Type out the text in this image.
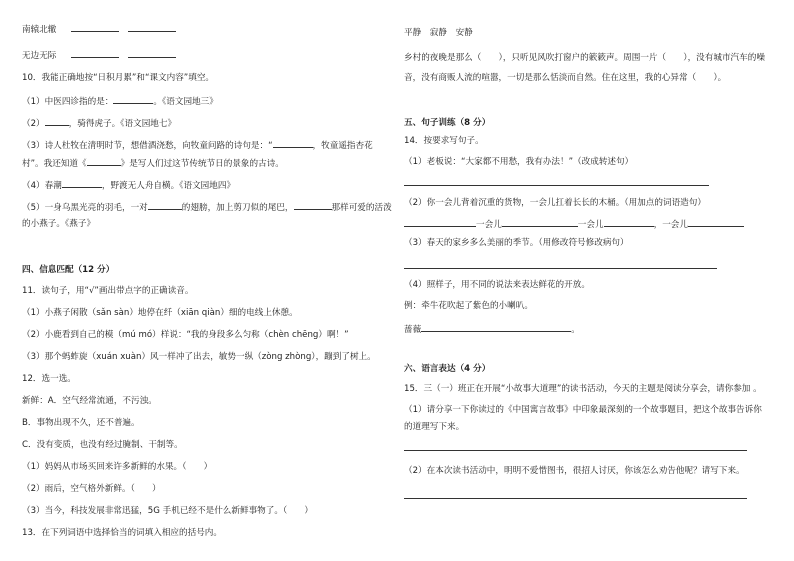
南辕北辙
无边无际
10．我能正确地按“日积月累”和“课文内容”填空。
（1）中医四诊指的是：	。《语文园地三》
（2）	，骑得虎子。《语文园地七》
（3）诗人杜牧在清明时节，想借酒浇愁，向牧童问路的诗句是：“	，牧童遥指杏花
村”。我还知道《	》是写人们过这节传统节日的景象的古诗。
（4）春潮	，野渡无人舟自横。《语文园地四》
（5）一身乌黑光亮的羽毛，一对	的翅膀，加上剪刀似的尾巴，	那样可爱的活泼
的小燕子。《燕子》
四、信息匹配（12 分）
11．读句子，用“√”画出带点字的正确读音。
（1）小燕子闲散（sǎn sàn）地停在纤（xiān qiàn）细的电线上休憩。
（2）小鹿看到自己的模（mú mó）样说：“我的身段多么匀称（chèn chēng）啊！”
（3）那个蚂蚱旋（xuán xuàn）风一样冲了出去，敏势一纵（zòng zhòng），蹦到了树上。
12．选一选。
新鲜：A．空气经常流通，不污浊。
B．事物出现不久，还不普遍。
C．没有变质，也没有经过腌制、干制等。
（1）妈妈从市场买回来许多新鲜的水果。（　　）
（2）雨后，空气格外新鲜。（　　）
（3）当今，科技发展非常迅猛，5G 手机已经不是什么新鲜事物了。（　　）
13．在下列词语中选择恰当的词填入相应的括号内。
平静　寂静　安静
乡村的夜晚是那么（　　），只听见风吹打窗户的簌簌声。周围一片（　　），没有城市汽车的噪
音，没有商贩人流的喧嚣，一切是那么恬淡而自然。住在这里，我的心异常（　　）。
五、句子训练（8 分）
14．按要求写句子。
（1）老板说：“大家都不用愁，我有办法！”（改成转述句）
（2）你一会儿背着沉重的货物，一会儿扛着长长的木桶。（用加点的词语造句）
一会儿	一会儿	，一会儿
（3）春天的家乡多么美丽的季节。（用修改符号修改病句）
（4）照样子，用不同的说法来表达鲜花的开放。
例：牵牛花吹起了紫色的小喇叭。
蔷薇	。
六、语言表达（4 分）
15．三（一）班正在开展“小故事大道理”的读书活动，今天的主题是阅读分享会，请你参加 。
（1）请分享一下你读过的《中国寓言故事》中印象最深刻的一个故事题目，把这个故事告诉你
的道理写下来。
（2）在本次读书活动中，明明不爱惜图书，很招人讨厌，你该怎么劝告他呢？请写下来。
